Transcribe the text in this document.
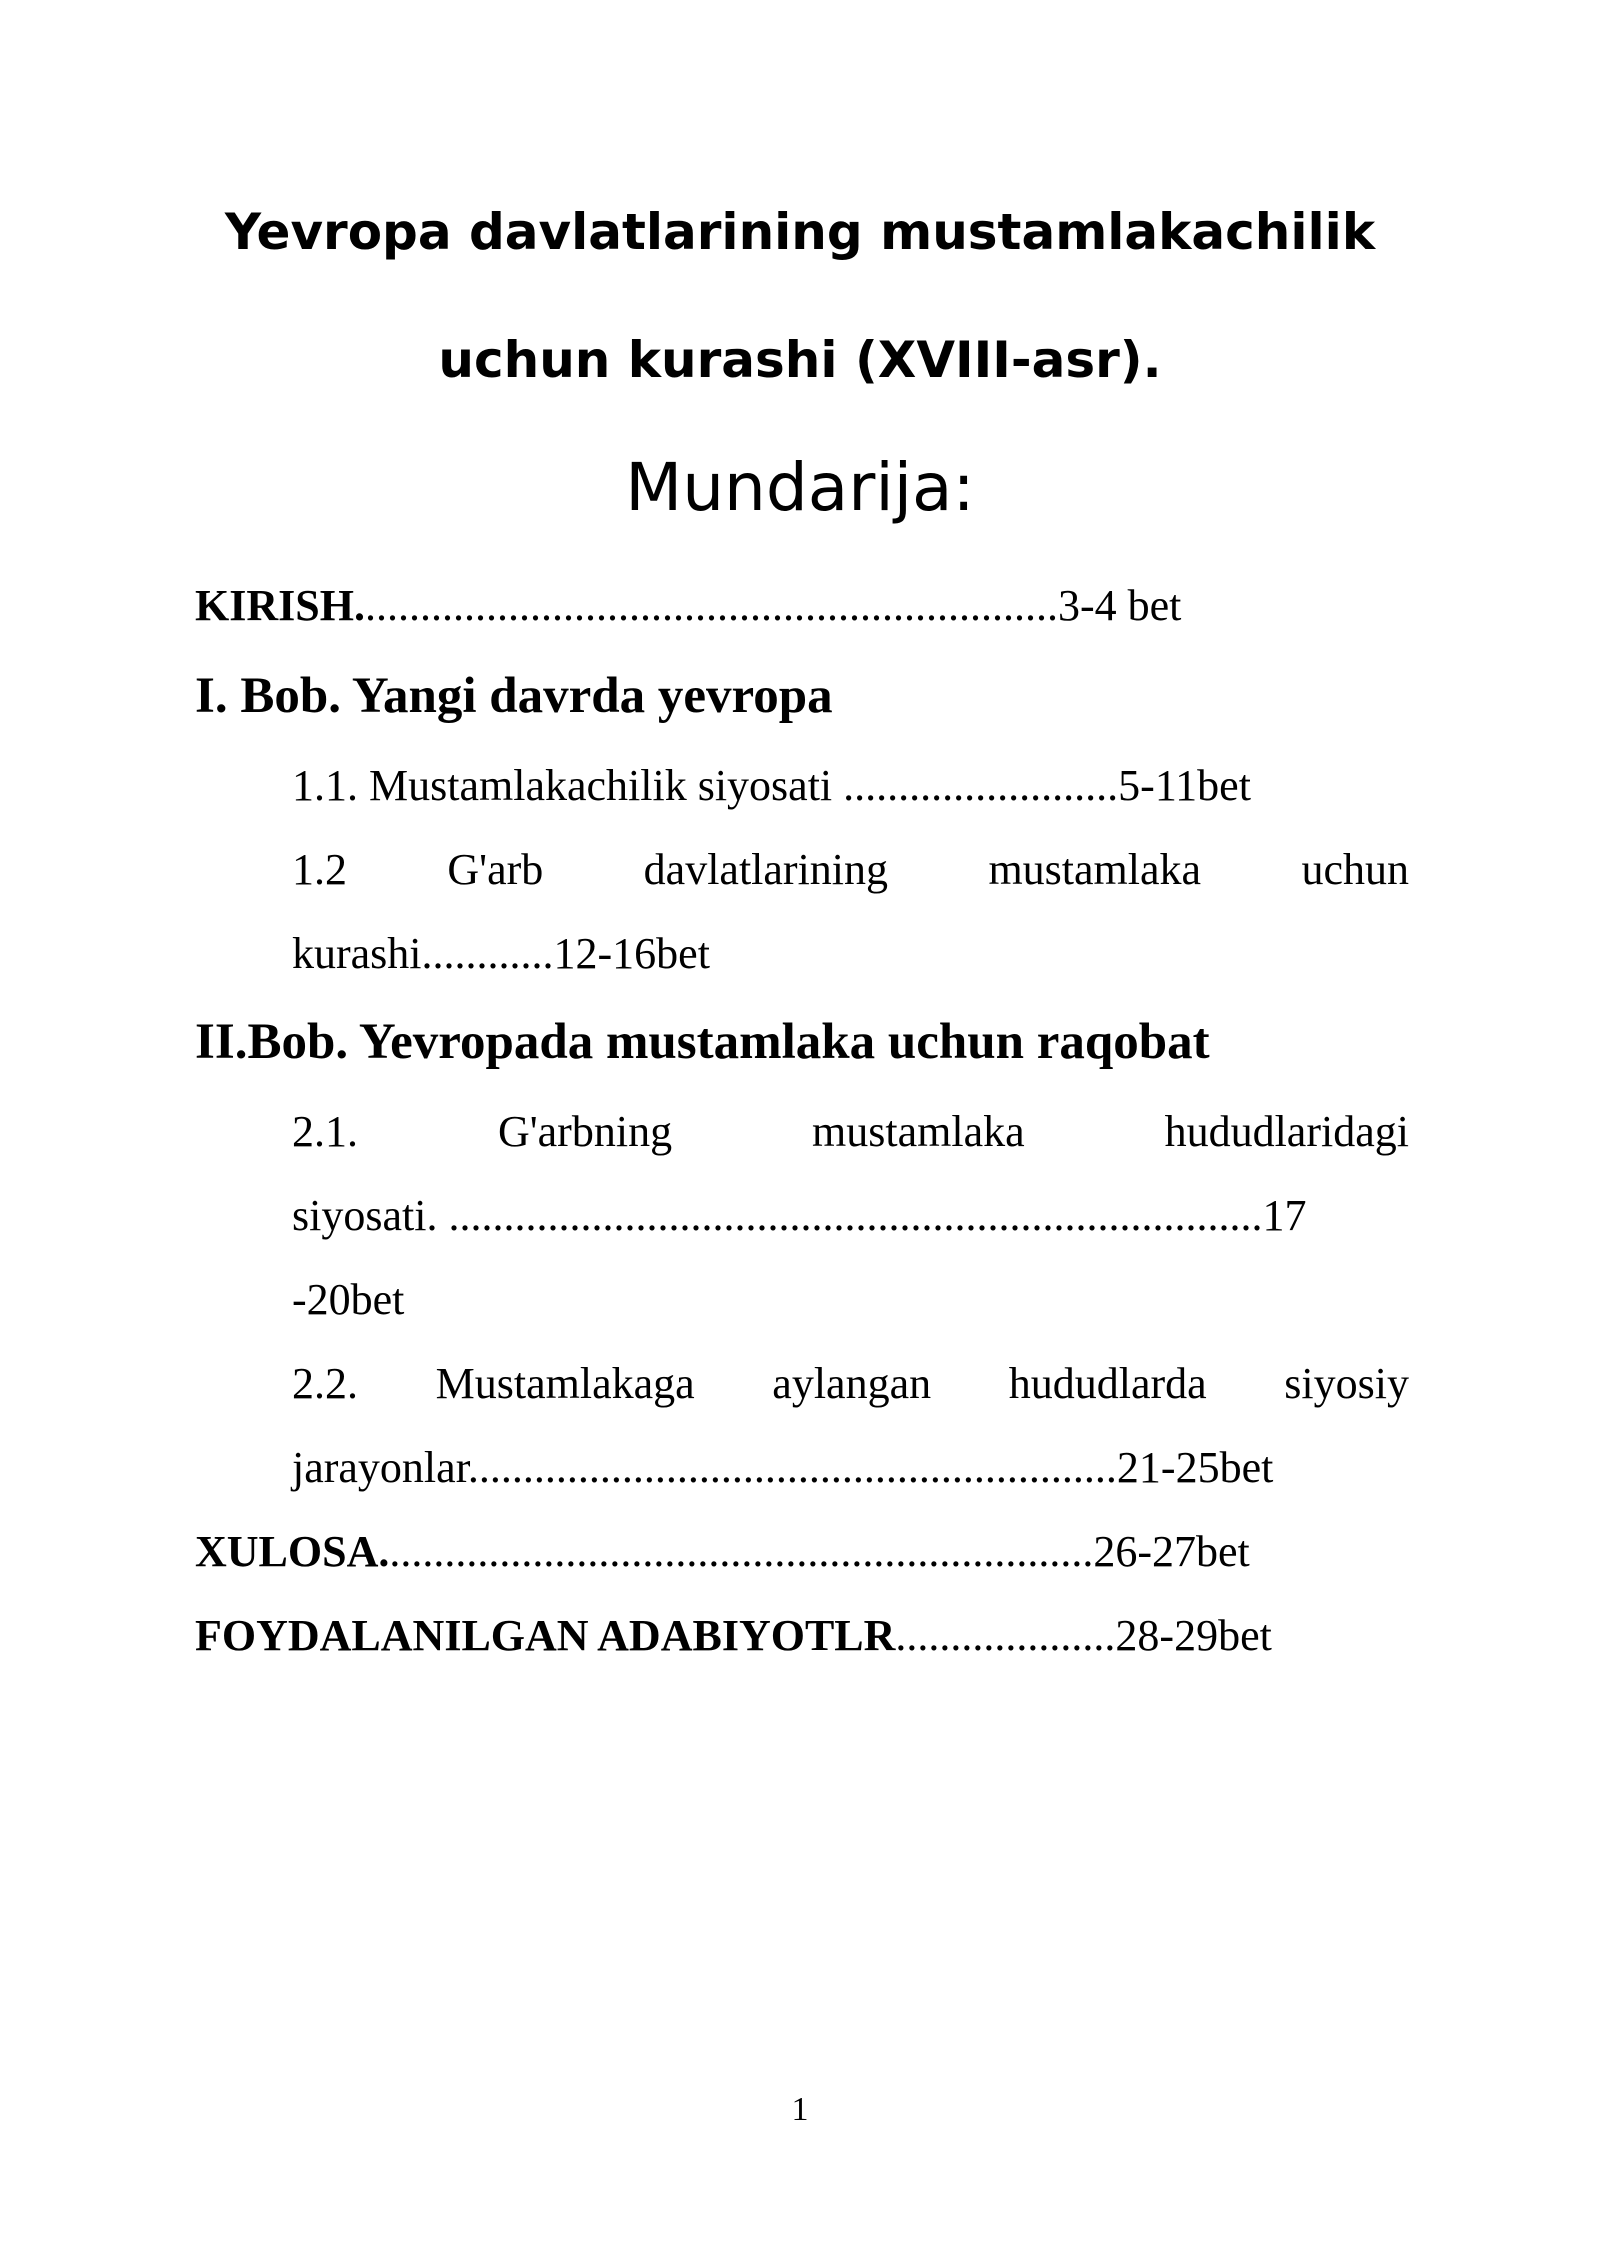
Yevropa davlatlarining mustamlakachilik
uchun kurashi (XVIII-asr).
Mundarija:

KIRISH................................................................3-4 bet

I. Bob. Yangi davrda yevropa

1.1. Mustamlakachilik siyosati .........................5-11bet

1.2 G'arb davlatlarining mustamlaka uchun

kurashi............12-16bet

II.Bob. Yevropada mustamlaka uchun raqobat

2.1.	G'arbning	mustamlaka	hududlaridagi

siyosati. ..........................................................................17

-20bet

2.2. Mustamlakaga aylangan hududlarda siyosiy

jarayonlar...........................................................21-25bet

XULOSA.................................................................26-27bet

FOYDALANILGAN ADABIYOTLR....................28-29bet

1
